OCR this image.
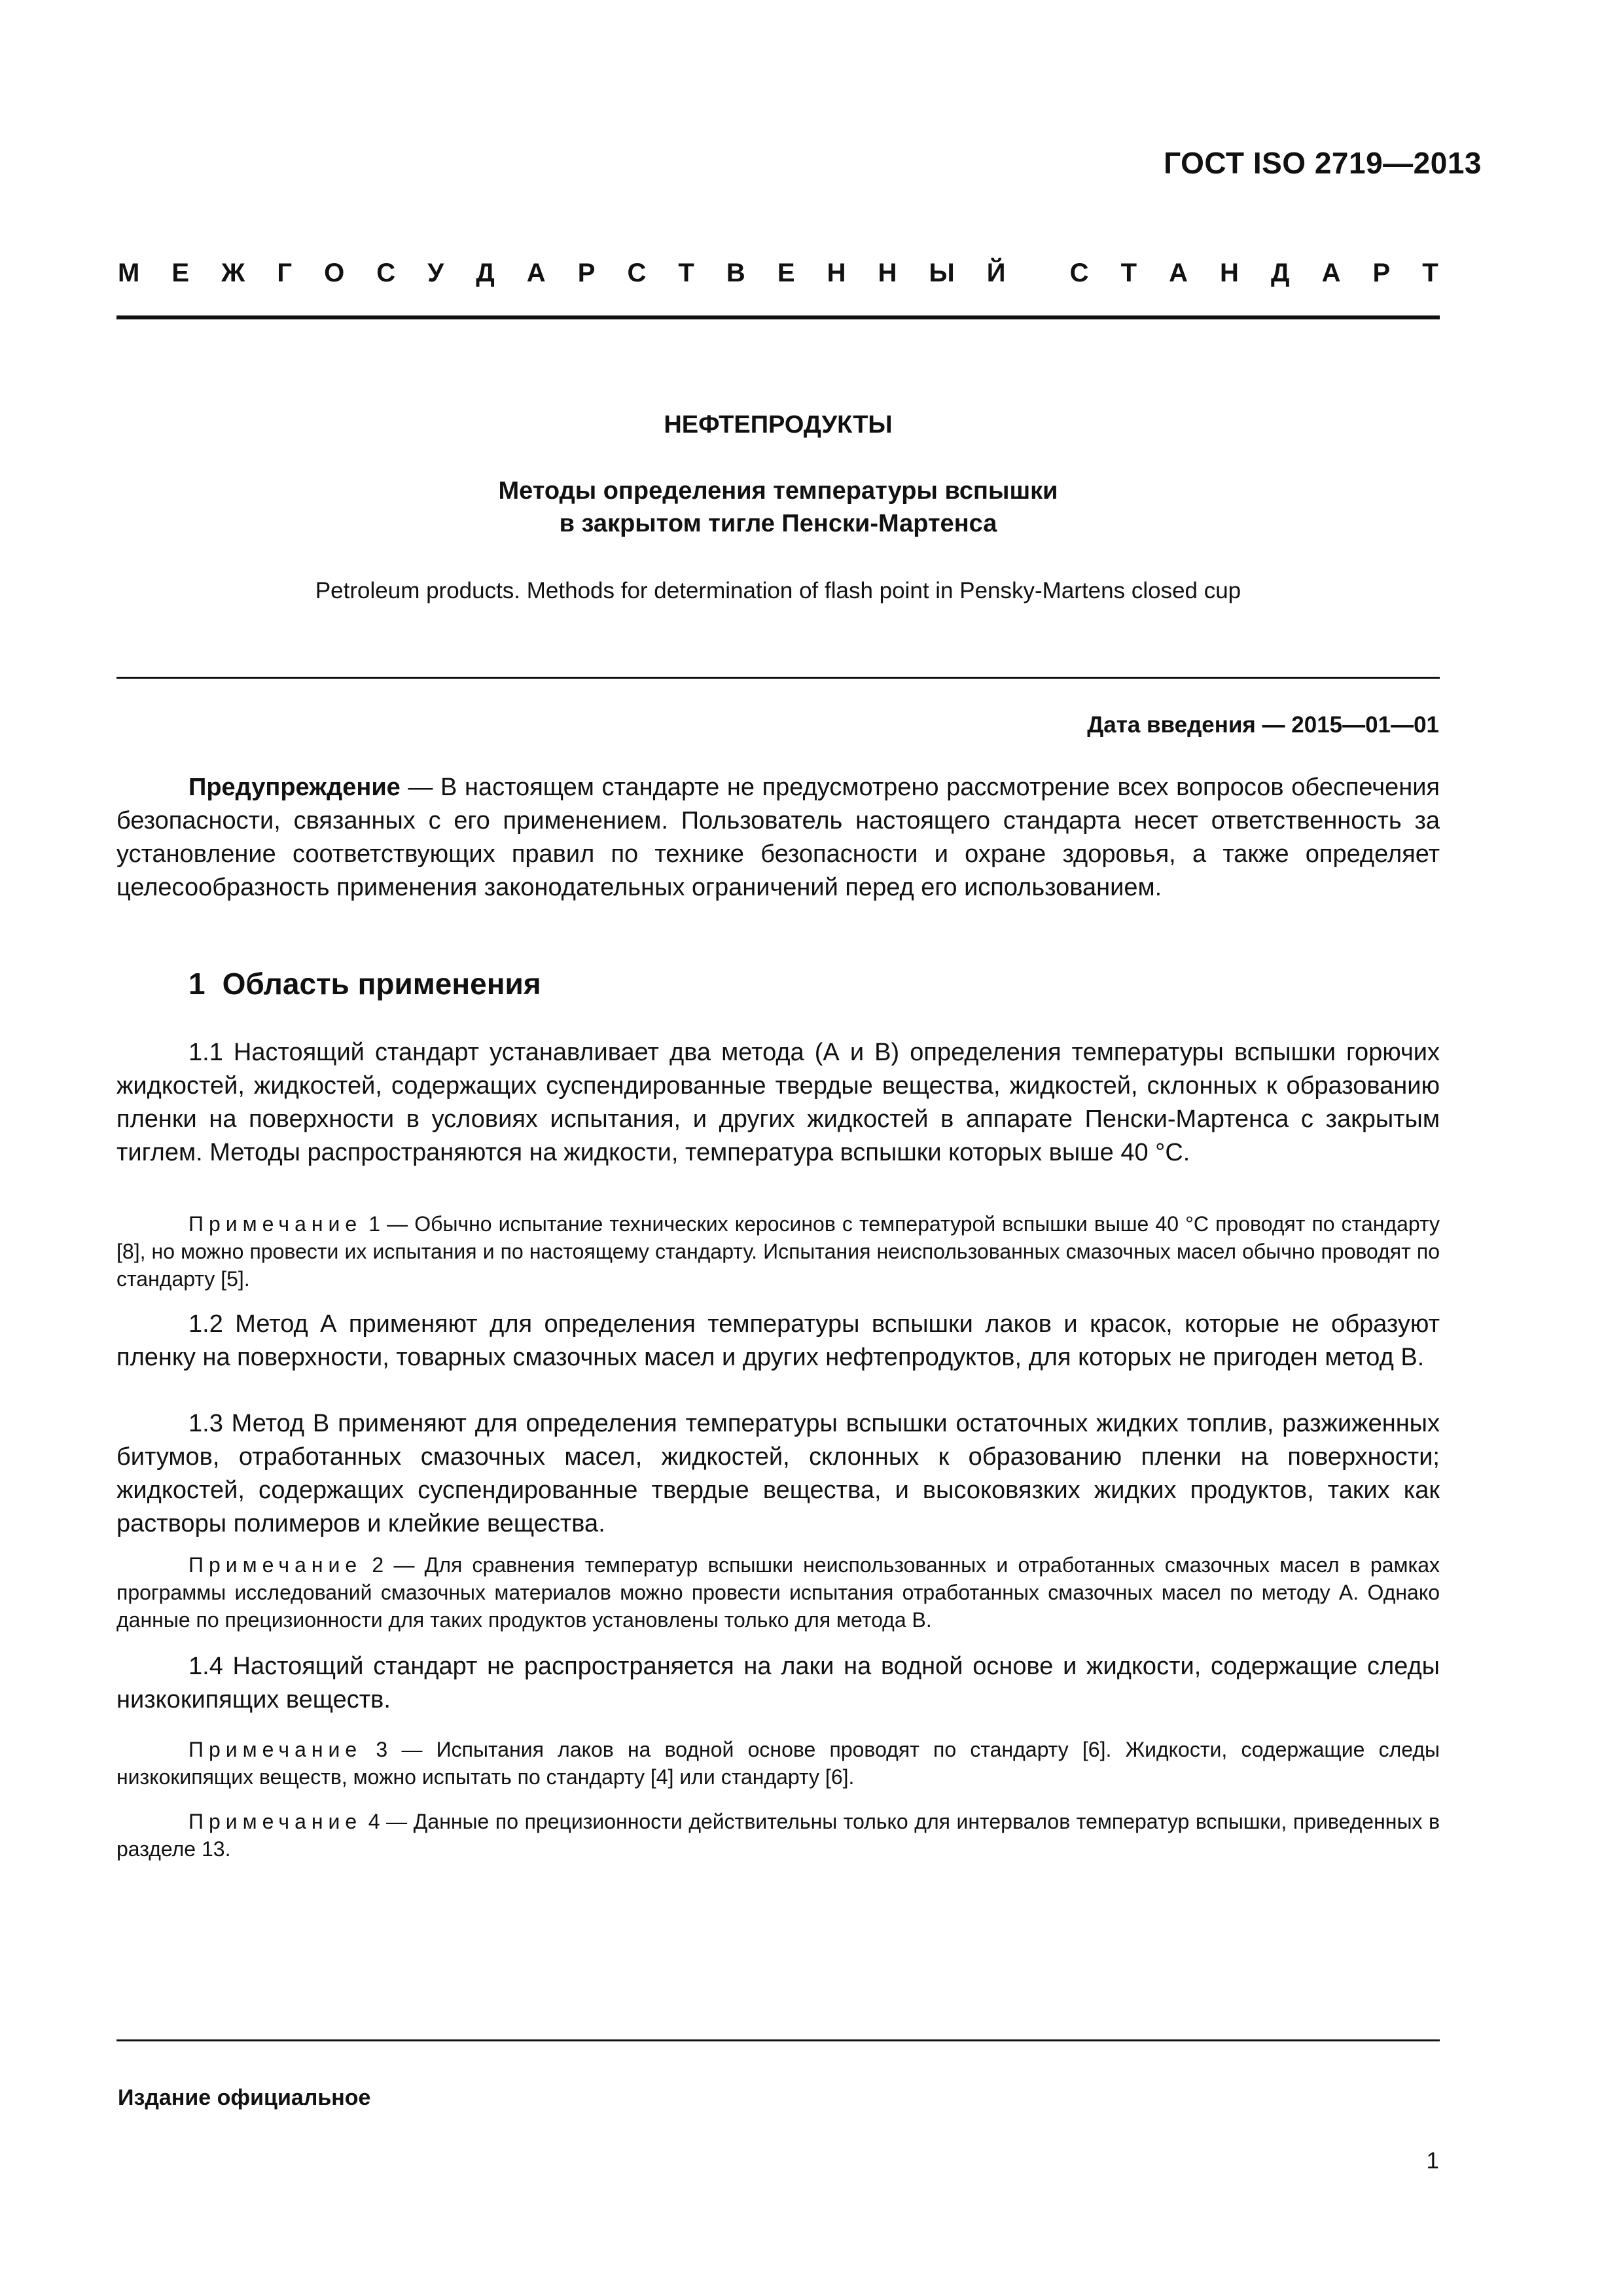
ГОСТ ISO 2719—2013
М Е Ж Г О С У Д А Р С Т В Е Н Н Ы Й С Т А Н Д А Р Т
НЕФТЕПРОДУКТЫ
Методы определения температуры вспышки
в закрытом тигле Пенски-Мартенса
Petroleum products. Methods for determination of flash point in Pensky-Martens closed cup
Дата введения — 2015—01—01
Предупреждение — В настоящем стандарте не предусмотрено рассмотрение всех вопросов обеспечения безопасности, связанных с его применением. Пользователь настоящего стандарта несет ответственность за установление соответствующих правил по технике безопасности и охране здоровья, а также определяет целесообразность применения законодательных ограничений перед его использованием.
1 Область применения
1.1 Настоящий стандарт устанавливает два метода (А и В) определения температуры вспышки горючих жидкостей, жидкостей, содержащих суспендированные твердые вещества, жидкостей, склонных к образованию пленки на поверхности в условиях испытания, и других жидкостей в аппарате Пенски-Мартенса с закрытым тиглем. Методы распространяются на жидкости, температура вспышки которых выше 40 °С.
Примечание 1 — Обычно испытание технических керосинов с температурой вспышки выше 40 °С проводят по стандарту [8], но можно провести их испытания и по настоящему стандарту. Испытания неиспользованных смазочных масел обычно проводят по стандарту [5].
1.2 Метод А применяют для определения температуры вспышки лаков и красок, которые не образуют пленку на поверхности, товарных смазочных масел и других нефтепродуктов, для которых не пригоден метод В.
1.3 Метод В применяют для определения температуры вспышки остаточных жидких топлив, разжиженных битумов, отработанных смазочных масел, жидкостей, склонных к образованию пленки на поверхности; жидкостей, содержащих суспендированные твердые вещества, и высоковязких жидких продуктов, таких как растворы полимеров и клейкие вещества.
Примечание 2 — Для сравнения температур вспышки неиспользованных и отработанных смазочных масел в рамках программы исследований смазочных материалов можно провести испытания отработанных смазочных масел по методу А. Однако данные по прецизионности для таких продуктов установлены только для метода В.
1.4 Настоящий стандарт не распространяется на лаки на водной основе и жидкости, содержащие следы низкокипящих веществ.
Примечание 3 — Испытания лаков на водной основе проводят по стандарту [6]. Жидкости, содержащие следы низкокипящих веществ, можно испытать по стандарту [4] или стандарту [6].
Примечание 4 — Данные по прецизионности действительны только для интервалов температур вспышки, приведенных в разделе 13.
Издание официальное
1
